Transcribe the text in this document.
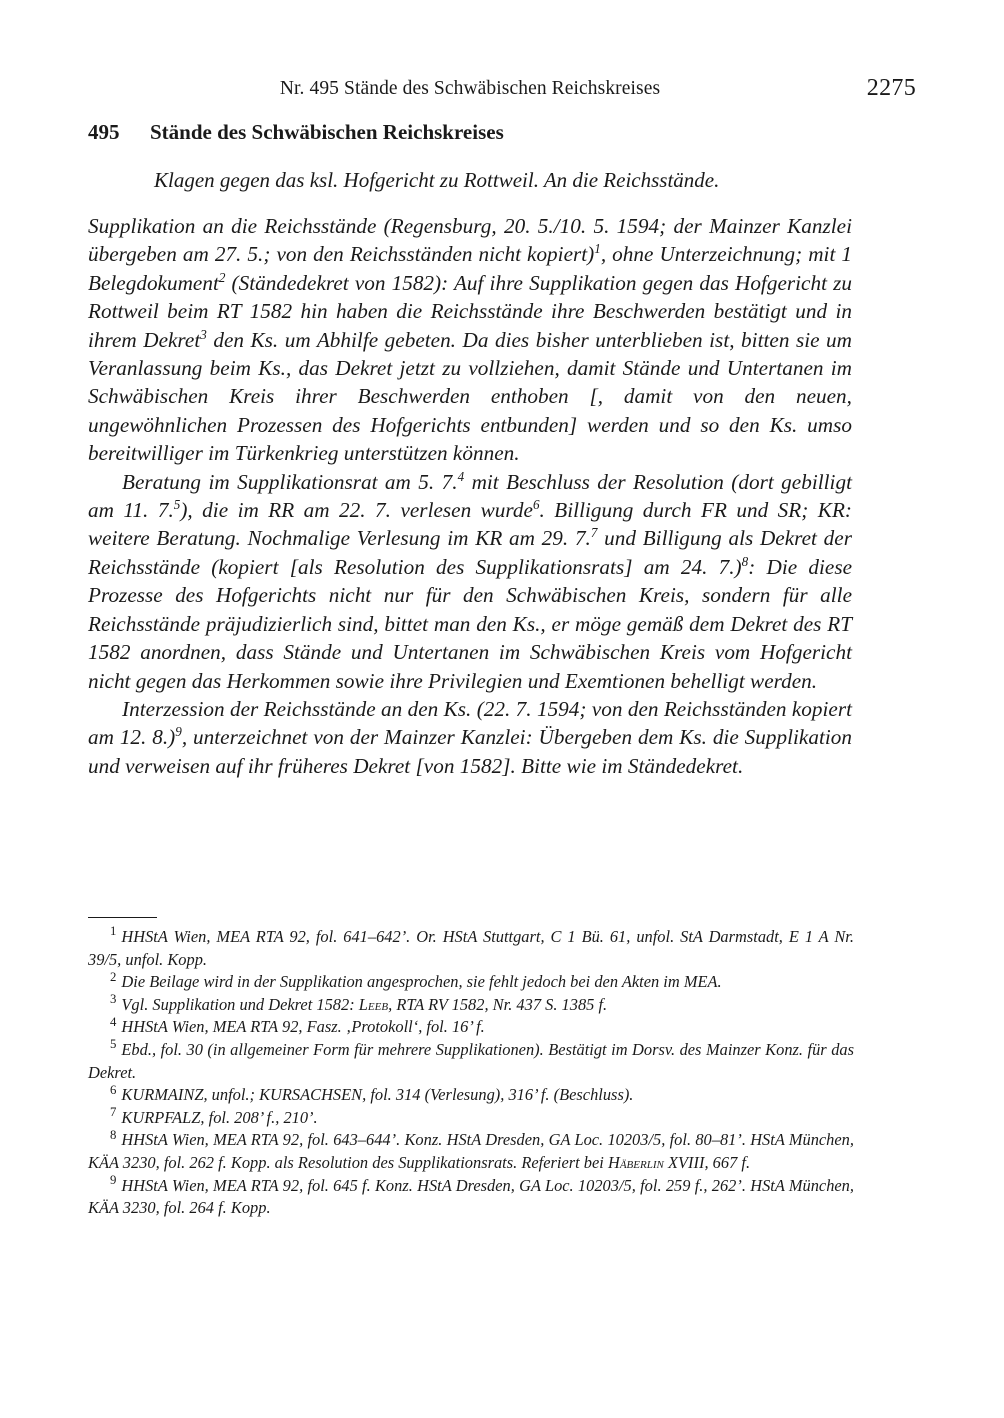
Nr. 495 Stände des Schwäbischen Reichskreises	2275
495 Stände des Schwäbischen Reichskreises
Klagen gegen das ksl. Hofgericht zu Rottweil. An die Reichsstände.

Supplikation an die Reichsstände (Regensburg, 20. 5./10. 5. 1594; der Mainzer Kanzlei übergeben am 27. 5.; von den Reichsständen nicht kopiert)$^1$, ohne Unterzeichnung; mit 1 Belegdokument$^2$ (Ständedekret von 1582): Auf ihre Supplikation gegen das Hofgericht zu Rottweil beim RT 1582 hin haben die Reichsstände ihre Beschwerden bestätigt und in ihrem Dekret$^3$ den Ks. um Abhilfe gebeten. Da dies bisher unterblieben ist, bitten sie um Veranlassung beim Ks., das Dekret jetzt zu vollziehen, damit Stände und Untertanen im Schwäbischen Kreis ihrer Beschwerden enthoben [, damit von den neuen, ungewöhnlichen Prozessen des Hofgerichts entbunden] werden und so den Ks. umso bereitwilliger im Türkenkrieg unterstützen können.

Beratung im Supplikationsrat am 5. 7.$^4$ mit Beschluss der Resolution (dort gebilligt am 11. 7.$^5$), die im RR am 22. 7. verlesen wurde$^6$. Billigung durch FR und SR; KR: weitere Beratung. Nochmalige Verlesung im KR am 29. 7.$^7$ und Billigung als Dekret der Reichsstände (kopiert [als Resolution des Supplikationsrats] am 24. 7.)$^8$: Die diese Prozesse des Hofgerichts nicht nur für den Schwäbischen Kreis, sondern für alle Reichsstände präjudizierlich sind, bittet man den Ks., er möge gemäß dem Dekret des RT 1582 anordnen, dass Stände und Untertanen im Schwäbischen Kreis vom Hofgericht nicht gegen das Herkommen sowie ihre Privilegien und Exemtionen behelligt werden.

Interzession der Reichsstände an den Ks. (22. 7. 1594; von den Reichsständen kopiert am 12. 8.)$^9$, unterzeichnet von der Mainzer Kanzlei: Übergeben dem Ks. die Supplikation und verweisen auf ihr früheres Dekret [von 1582]. Bitte wie im Ständedekret.

$^1$ HHStA Wien, MEA RTA 92, fol. 641–642’. Or. HStA Stuttgart, C 1 Bü. 61, unfol. StA Darmstadt, E 1 A Nr. 39/5, unfol. Kopp.

$^2$ Die Beilage wird in der Supplikation angesprochen, sie fehlt jedoch bei den Akten im MEA.

$^3$ Vgl. Supplikation und Dekret 1582: Leeb, RTA RV 1582, Nr. 437 S. 1385 f.

$^4$ HHStA Wien, MEA RTA 92, Fasz. ‚Protokoll‘, fol. 16’ f.

$^5$ Ebd., fol. 30 (in allgemeiner Form für mehrere Supplikationen). Bestätigt im Dorsv. des Mainzer Konz. für das Dekret.

$^6$ KURMAINZ, unfol.; KURSACHSEN, fol. 314 (Verlesung), 316’ f. (Beschluss).

$^7$ KURPFALZ, fol. 208’ f., 210’.

$^8$ HHStA Wien, MEA RTA 92, fol. 643–644’. Konz. HStA Dresden, GA Loc. 10203/5, fol. 80–81’. HStA München, KÄA 3230, fol. 262 f. Kopp. als Resolution des Supplikationsrats. Referiert bei Häberlin XVIII, 667 f.

$^9$ HHStA Wien, MEA RTA 92, fol. 645 f. Konz. HStA Dresden, GA Loc. 10203/5, fol. 259 f., 262’. HStA München, KÄA 3230, fol. 264 f. Kopp.
